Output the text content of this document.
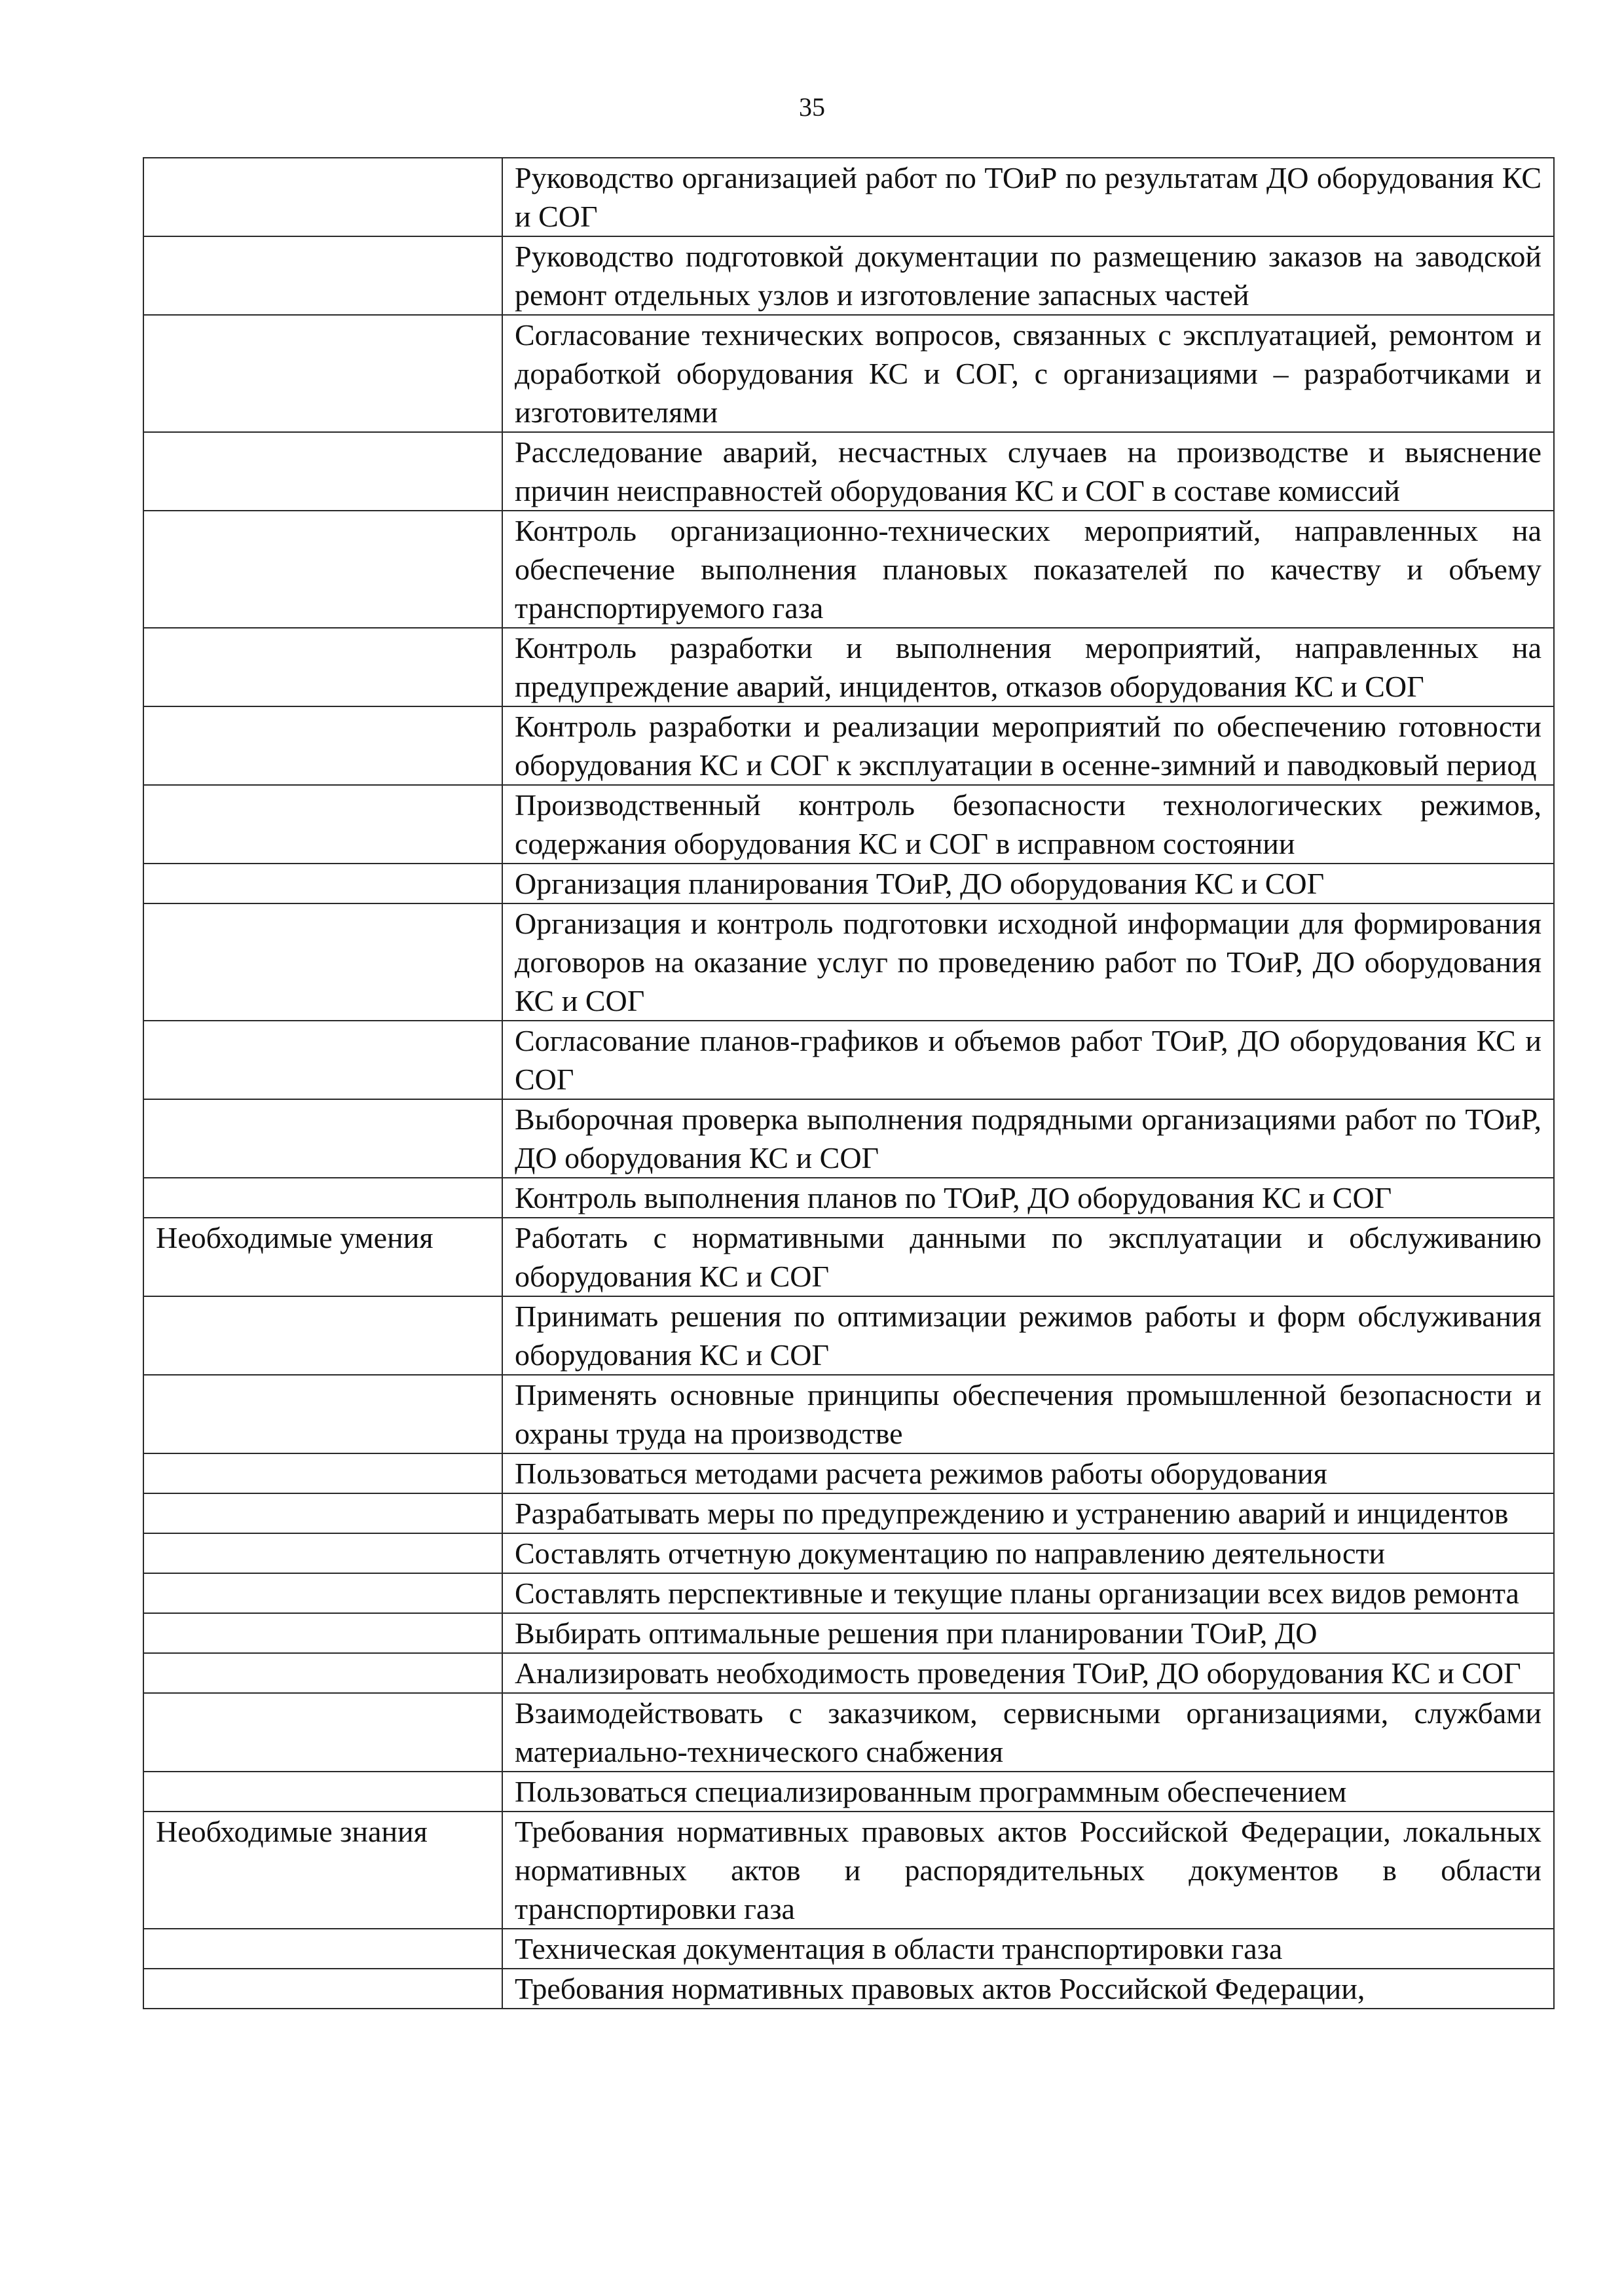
35
	Руководство организацией работ по ТОиР по результатам ДО оборудования КС и СОГ
	Руководство подготовкой документации по размещению заказов на заводской ремонт отдельных узлов и изготовление запасных частей
	Согласование технических вопросов, связанных с эксплуатацией, ремонтом и доработкой оборудования КС и СОГ, с организациями – разработчиками и изготовителями
	Расследование аварий, несчастных случаев на производстве и выяснение причин неисправностей оборудования КС и СОГ в составе комиссий
	Контроль организационно-технических мероприятий, направленных на обеспечение выполнения плановых показателей по качеству и объему транспортируемого газа
	Контроль разработки и выполнения мероприятий, направленных на предупреждение аварий, инцидентов, отказов оборудования КС и СОГ
	Контроль разработки и реализации мероприятий по обеспечению готовности оборудования КС и СОГ к эксплуатации в осенне-зимний и паводковый период
	Производственный контроль безопасности технологических режимов, содержания оборудования КС и СОГ в исправном состоянии
	Организация планирования ТОиР, ДО оборудования КС и СОГ
	Организация и контроль подготовки исходной информации для формирования договоров на оказание услуг по проведению работ по ТОиР, ДО оборудования КС и СОГ
	Согласование планов-графиков и объемов работ ТОиР, ДО оборудования КС и СОГ
	Выборочная проверка выполнения подрядными организациями работ по ТОиР, ДО оборудования КС и СОГ
	Контроль выполнения планов по ТОиР, ДО оборудования КС и СОГ
Необходимые умения	Работать с нормативными данными по эксплуатации и обслуживанию оборудования КС и СОГ
	Принимать решения по оптимизации режимов работы и форм обслуживания оборудования КС и СОГ
	Применять основные принципы обеспечения промышленной безопасности и охраны труда на производстве
	Пользоваться методами расчета режимов работы оборудования
	Разрабатывать меры по предупреждению и устранению аварий и инцидентов
	Составлять отчетную документацию по направлению деятельности
	Составлять перспективные и текущие планы организации всех видов ремонта
	Выбирать оптимальные решения при планировании ТОиР, ДО
	Анализировать необходимость проведения ТОиР, ДО оборудования КС и СОГ
	Взаимодействовать с заказчиком, сервисными организациями, службами материально-технического снабжения
	Пользоваться специализированным программным обеспечением
Необходимые знания	Требования нормативных правовых актов Российской Федерации, локальных нормативных актов и распорядительных документов в области транспортировки газа
	Техническая документация в области транспортировки газа
	Требования нормативных правовых актов Российской Федерации,
